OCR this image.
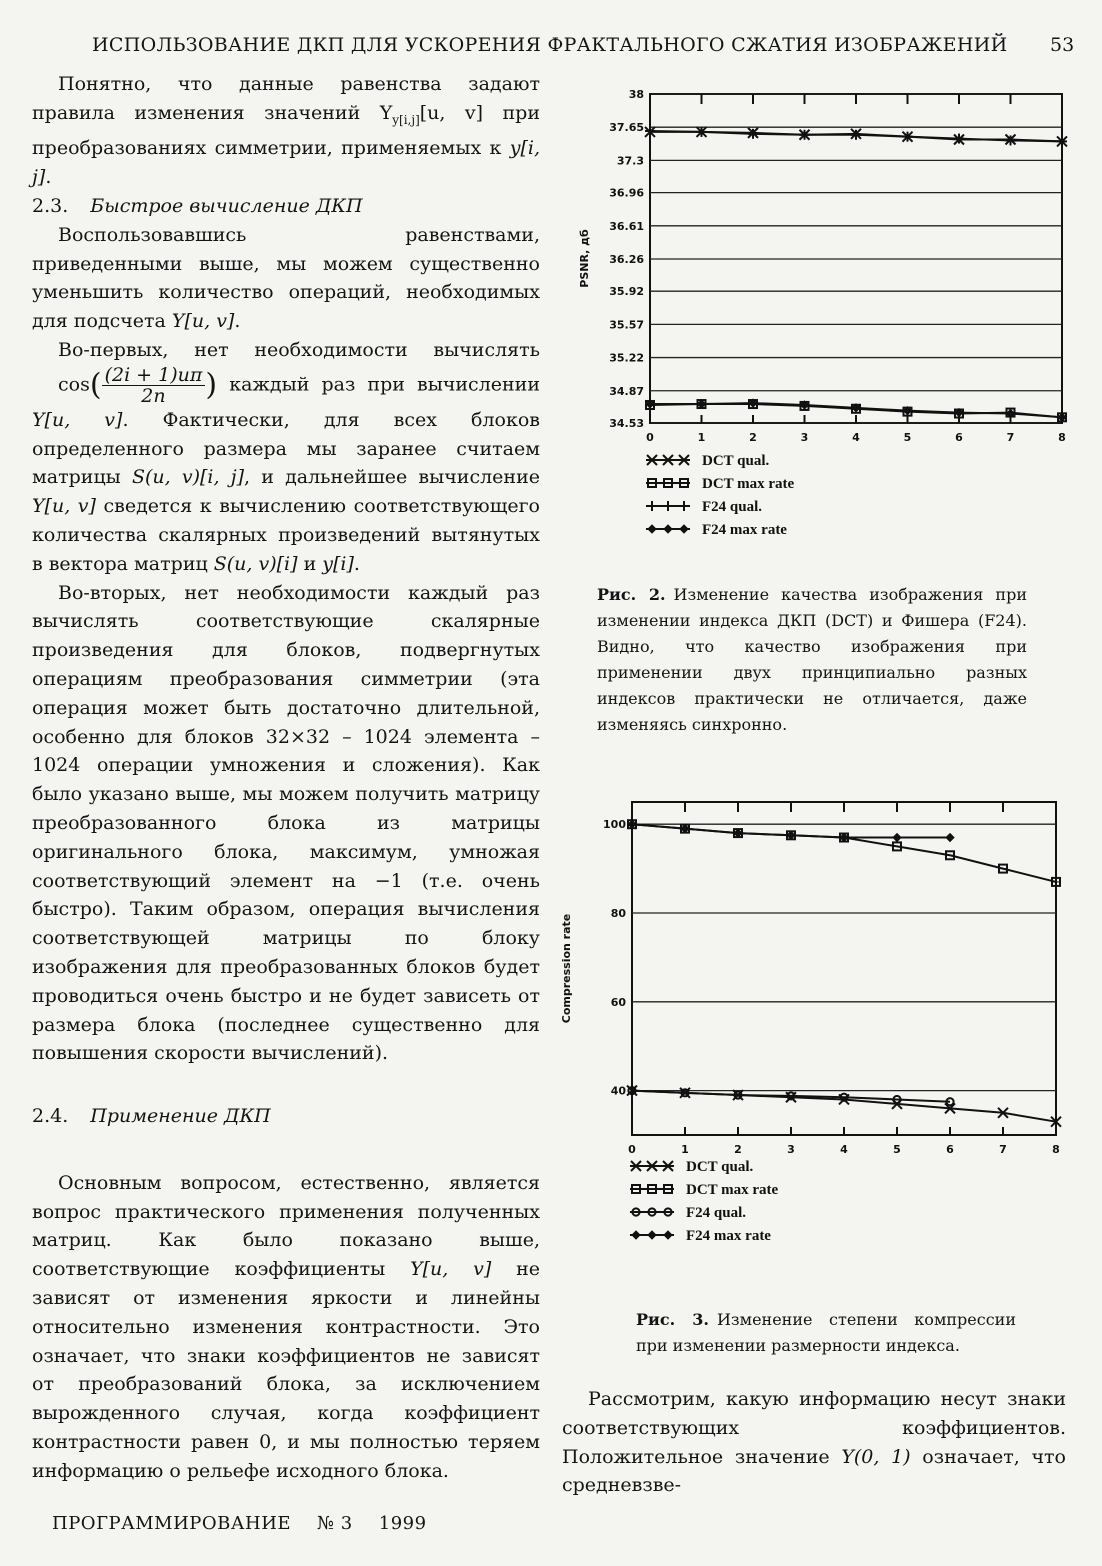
ИСПОЛЬЗОВАНИЕ ДКП ДЛЯ УСКОРЕНИЯ ФРАКТАЛЬНОГО СЖАТИЯ ИЗОБРАЖЕНИЙ 53

Понятно, что данные равенства задают правила изменения значений $Y_{y[i,j]}[u$, v] при преобразованиях симметрии, применяемых к y[i, j].

2.3. Быстрое вычисление ДКП

Воспользовавшись равенствами, приведенными выше, мы можем существенно уменьшить количество операций, необходимых для подсчета Y[u, v].

Во-первых, нет необходимости вычислять $\cos( \frac{(2i + 1)u\pi}{2n}$ ) каждый раз при вычислении Y[u, v]. Фактически, для всех блоков определенного размера мы заранее считаем матрицы S(u, v)[i, j], и дальнейшее вычисление Y[u, v] сведется к вычислению соответствующего количества скалярных произведений вытянутых в вектора матриц S(u, v)[i] и y[i].

Во-вторых, нет необходимости каждый раз вычислять соответствующие скалярные произведения для блоков, подвергнутых операциям преобразования симметрии (эта операция может быть достаточно длительной, особенно для блоков 32×32 – 1024 элемента – 1024 операции умножения и сложения). Как было указано выше, мы можем получить матрицу преобразованного блока из матрицы оригинального блока, максимум, умножая соответствующий элемент на −1 (т.е. очень быстро). Таким образом, операция вычисления соответствующей матрицы по блоку изображения для преобразованных блоков будет проводиться очень быстро и не будет зависеть от размера блока (последнее существенно для повышения скорости вычислений).

2.4. Применение ДКП

Основным вопросом, естественно, является вопрос практического применения полученных матриц. Как было показано выше, соответствующие коэффициенты Y[u, v] не зависят от изменения яркости и линейны относительно изменения контрастности. Это означает, что знаки коэффициентов не зависят от преобразований блока, за исключением вырожденного случая, когда коэффициент контрастности равен 0, и мы полностью теряем информацию о рельефе исходного блока.

38
37.65
37.3
36.96
36.61
36.26
35.92
35.57
35.22
34.87
34.53
0	1	2	3	4	5	6	7	8
PSNR, дб
DCT qual.
DCT max rate
F24 qual.
F24 max rate
Рис. 2. Изменение качества изображения при изменении индекса ДКП (DCT) и Фишера (F24). Видно, что качество изображения при применении двух принципиально разных индексов практически не отличается, даже изменяясь синхронно.
100
80
60
40
0	1	2	3	4	5	6	7	8
Compression rate
DCT qual.
DCT max rate
F24 qual.
F24 max rate
Рис. 3. Изменение степени компрессии при изменении размерности индекса.

Рассмотрим, какую информацию несут знаки соответствующих коэффициентов. Положительное значение Y(0, 1) означает, что средневзве-

ПРОГРАММИРОВАНИЕ № 3 1999
